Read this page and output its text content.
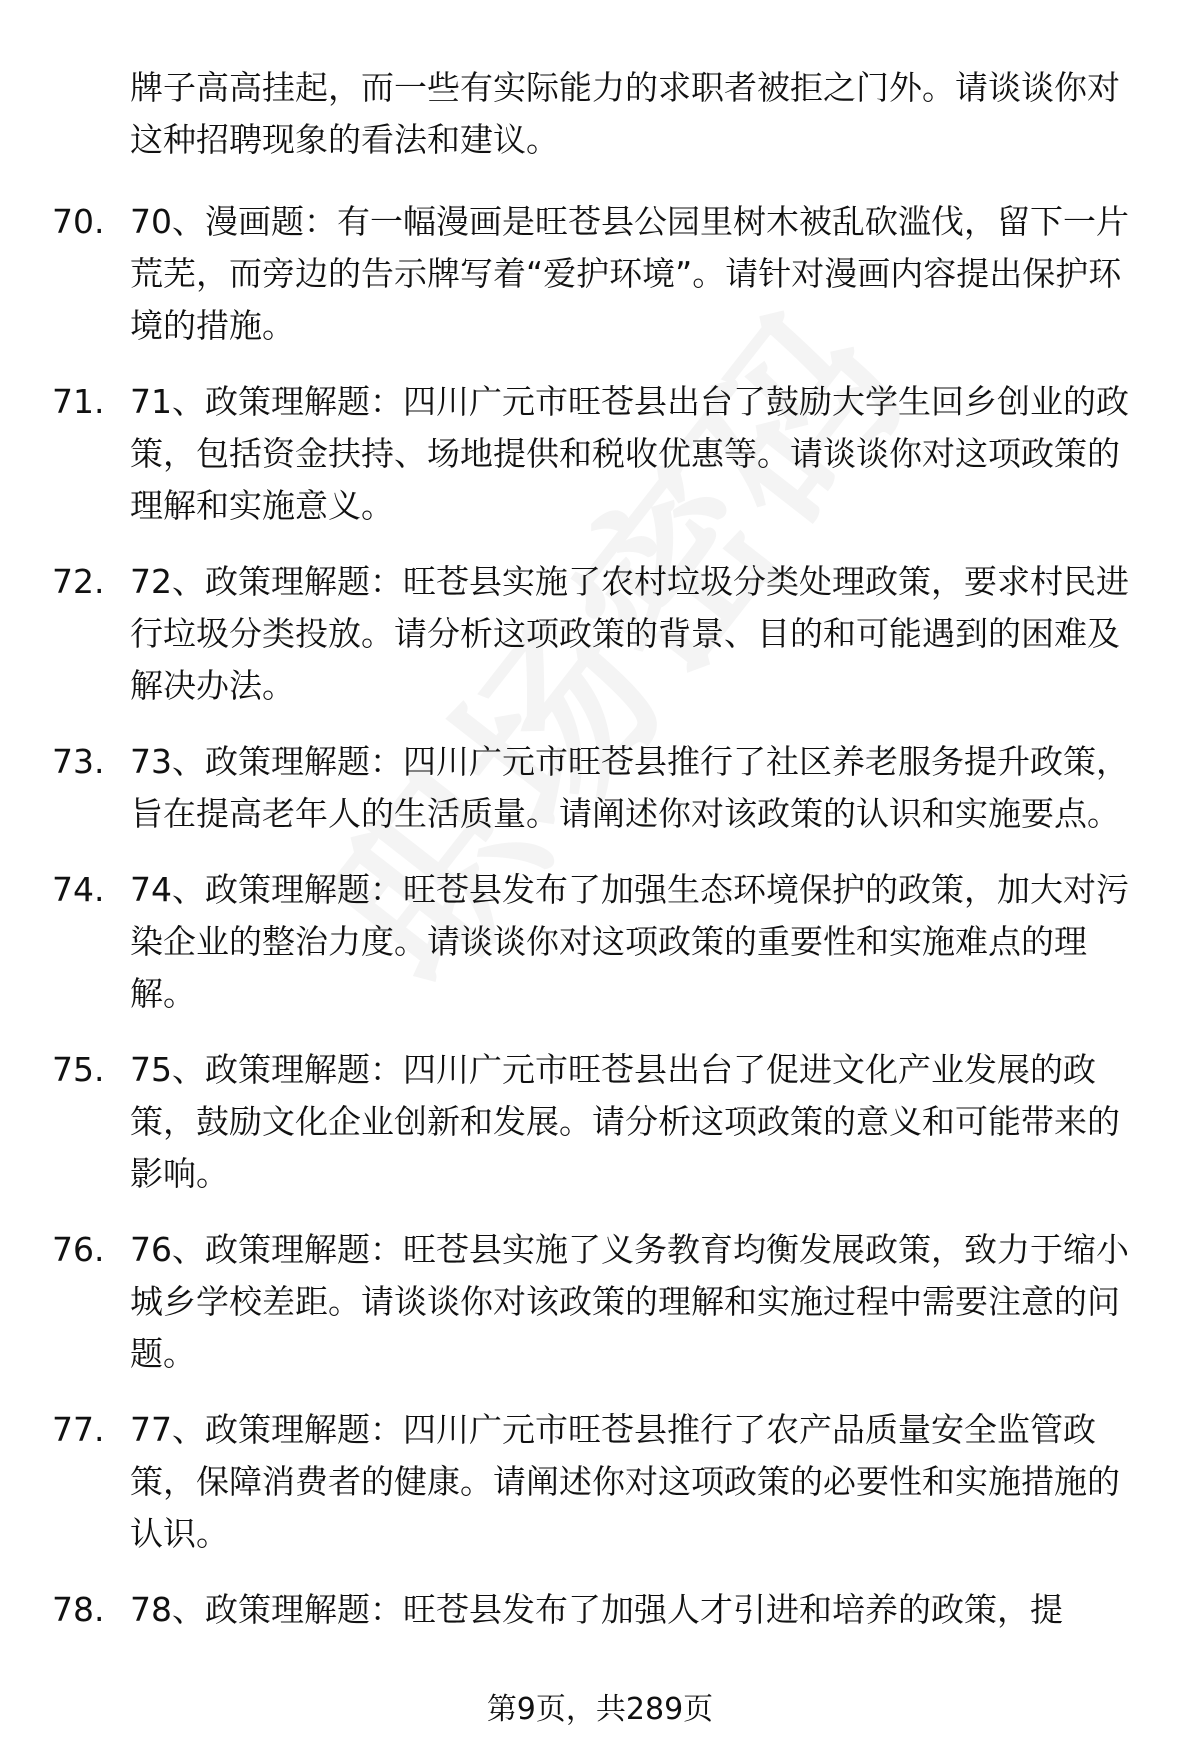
牌子高高挂起，而一些有实际能力的求职者被拒之门外。请谈谈你对这种招聘现象的看法和建议。
70. 70、漫画题：有一幅漫画是旺苍县公园里树木被乱砍滥伐，留下一片荒芜，而旁边的告示牌写着“爱护环境”。请针对漫画内容提出保护环境的措施。
71. 71、政策理解题：四川广元市旺苍县出台了鼓励大学生回乡创业的政策，包括资金扶持、场地提供和税收优惠等。请谈谈你对这项政策的理解和实施意义。
72. 72、政策理解题：旺苍县实施了农村垃圾分类处理政策，要求村民进行垃圾分类投放。请分析这项政策的背景、目的和可能遇到的困难及解决办法。
73. 73、政策理解题：四川广元市旺苍县推行了社区养老服务提升政策，旨在提高老年人的生活质量。请阐述你对该政策的认识和实施要点。
74. 74、政策理解题：旺苍县发布了加强生态环境保护的政策，加大对污染企业的整治力度。请谈谈你对这项政策的重要性和实施难点的理解。
75. 75、政策理解题：四川广元市旺苍县出台了促进文化产业发展的政策，鼓励文化企业创新和发展。请分析这项政策的意义和可能带来的影响。
76. 76、政策理解题：旺苍县实施了义务教育均衡发展政策，致力于缩小城乡学校差距。请谈谈你对该政策的理解和实施过程中需要注意的问题。
77. 77、政策理解题：四川广元市旺苍县推行了农产品质量安全监管政策，保障消费者的健康。请阐述你对这项政策的必要性和实施措施的认识。
78. 78、政策理解题：旺苍县发布了加强人才引进和培养的政策，提
第9页，共289页
